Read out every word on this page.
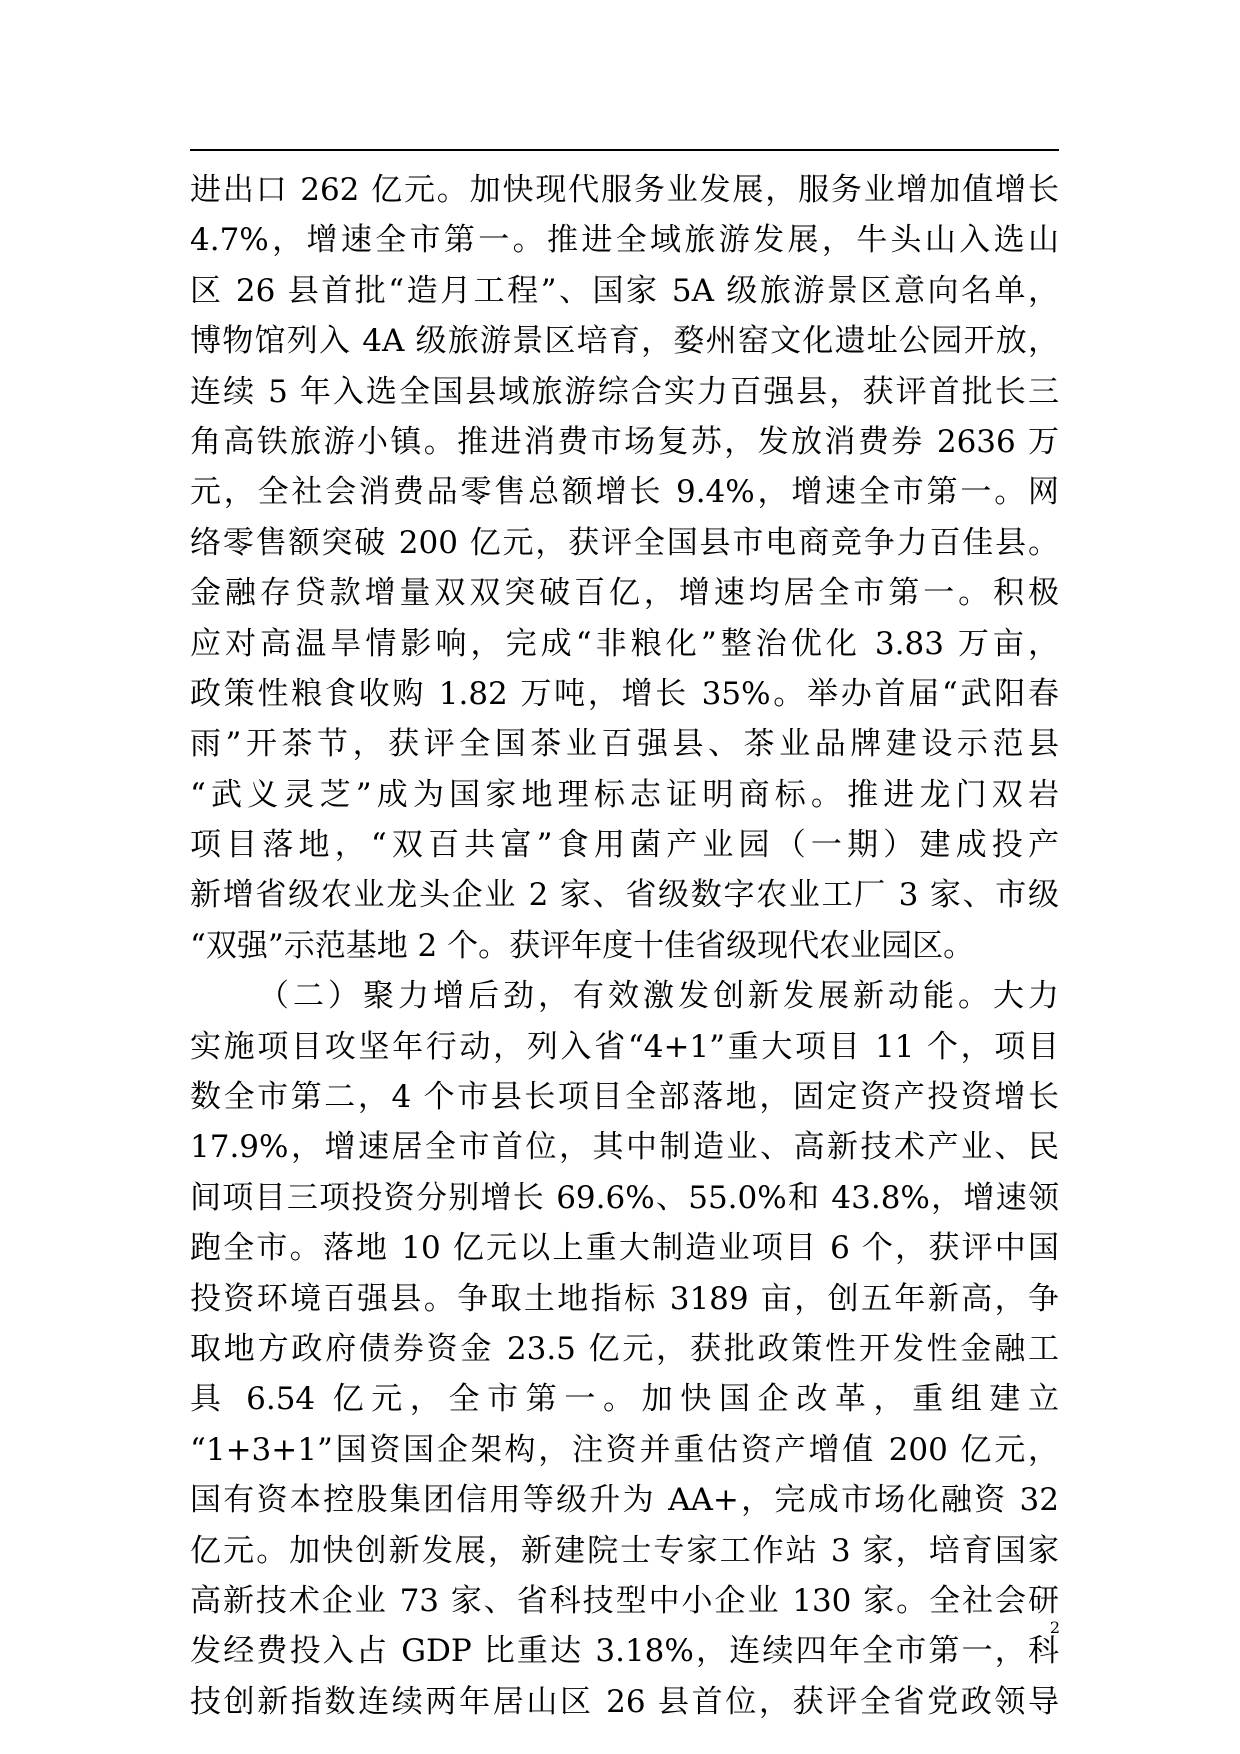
进出口 262 亿元。加快现代服务业发展，服务业增加值增长
4.7%，增速全市第一。推进全域旅游发展，牛头山入选山
区 26 县首批“造月工程”、国家 5A 级旅游景区意向名单，
博物馆列入 4A 级旅游景区培育，婺州窑文化遗址公园开放，
连续 5 年入选全国县域旅游综合实力百强县，获评首批长三
角高铁旅游小镇。推进消费市场复苏，发放消费券 2636 万
元，全社会消费品零售总额增长 9.4%，增速全市第一。网
络零售额突破 200 亿元，获评全国县市电商竞争力百佳县。
金融存贷款增量双双突破百亿，增速均居全市第一。积极
应对高温旱情影响，完成“非粮化”整治优化 3.83 万亩，
政策性粮食收购 1.82 万吨，增长 35%。举办首届“武阳春
雨”开茶节，获评全国茶业百强县、茶业品牌建设示范县
“武义灵芝”成为国家地理标志证明商标。推进龙门双岩
项目落地，“双百共富”食用菌产业园（一期）建成投产
新增省级农业龙头企业 2 家、省级数字农业工厂 3 家、市级
“双强”示范基地 2 个。获评年度十佳省级现代农业园区。
（二）聚力增后劲，有效激发创新发展新动能。大力
实施项目攻坚年行动，列入省“4+1”重大项目 11 个，项目
数全市第二，4 个市县长项目全部落地，固定资产投资增长
17.9%，增速居全市首位，其中制造业、高新技术产业、民
间项目三项投资分别增长 69.6%、55.0%和 43.8%，增速领
跑全市。落地 10 亿元以上重大制造业项目 6 个，获评中国
投资环境百强县。争取土地指标 3189 亩，创五年新高，争
取地方政府债券资金 23.5 亿元，获批政策性开发性金融工
具 6.54 亿元，全市第一。加快国企改革，重组建立
“1+3+1”国资国企架构，注资并重估资产增值 200 亿元，
国有资本控股集团信用等级升为 AA+，完成市场化融资 32
亿元。加快创新发展，新建院士专家工作站 3 家，培育国家
高新技术企业 73 家、省科技型中小企业 130 家。全社会研
发经费投入占 GDP 比重达 3.18%，连续四年全市第一，科
技创新指数连续两年居山区 26 县首位，获评全省党政领导
2
